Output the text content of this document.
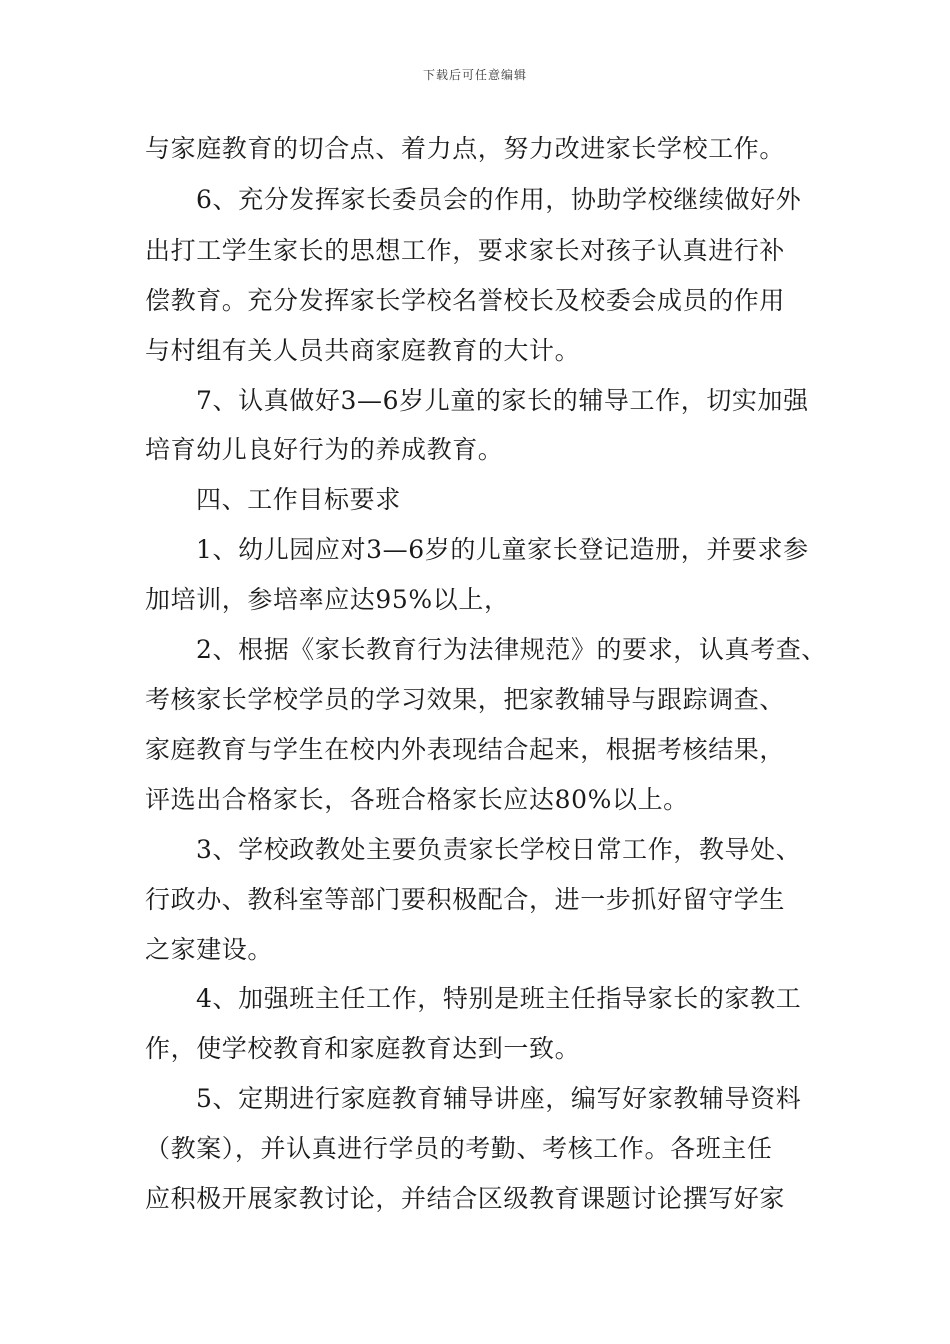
下载后可任意编辑
与家庭教育的切合点、着力点，努力改进家长学校工作。
6、充分发挥家长委员会的作用，协助学校继续做好外
出打工学生家长的思想工作，要求家长对孩子认真进行补
偿教育。充分发挥家长学校名誉校长及校委会成员的作用
与村组有关人员共商家庭教育的大计。
7、认真做好3—6岁儿童的家长的辅导工作，切实加强
培育幼儿良好行为的养成教育。
四、工作目标要求
1、幼儿园应对3—6岁的儿童家长登记造册，并要求参
加培训，参培率应达95%以上，
2、根据《家长教育行为法律规范》的要求，认真考查、
考核家长学校学员的学习效果，把家教辅导与跟踪调查、
家庭教育与学生在校内外表现结合起来，根据考核结果，
评选出合格家长，各班合格家长应达80%以上。
3、学校政教处主要负责家长学校日常工作，教导处、
行政办、教科室等部门要积极配合，进一步抓好留守学生
之家建设。
4、加强班主任工作，特别是班主任指导家长的家教工
作，使学校教育和家庭教育达到一致。
5、定期进行家庭教育辅导讲座，编写好家教辅导资料
（教案），并认真进行学员的考勤、考核工作。各班主任
应积极开展家教讨论，并结合区级教育课题讨论撰写好家
